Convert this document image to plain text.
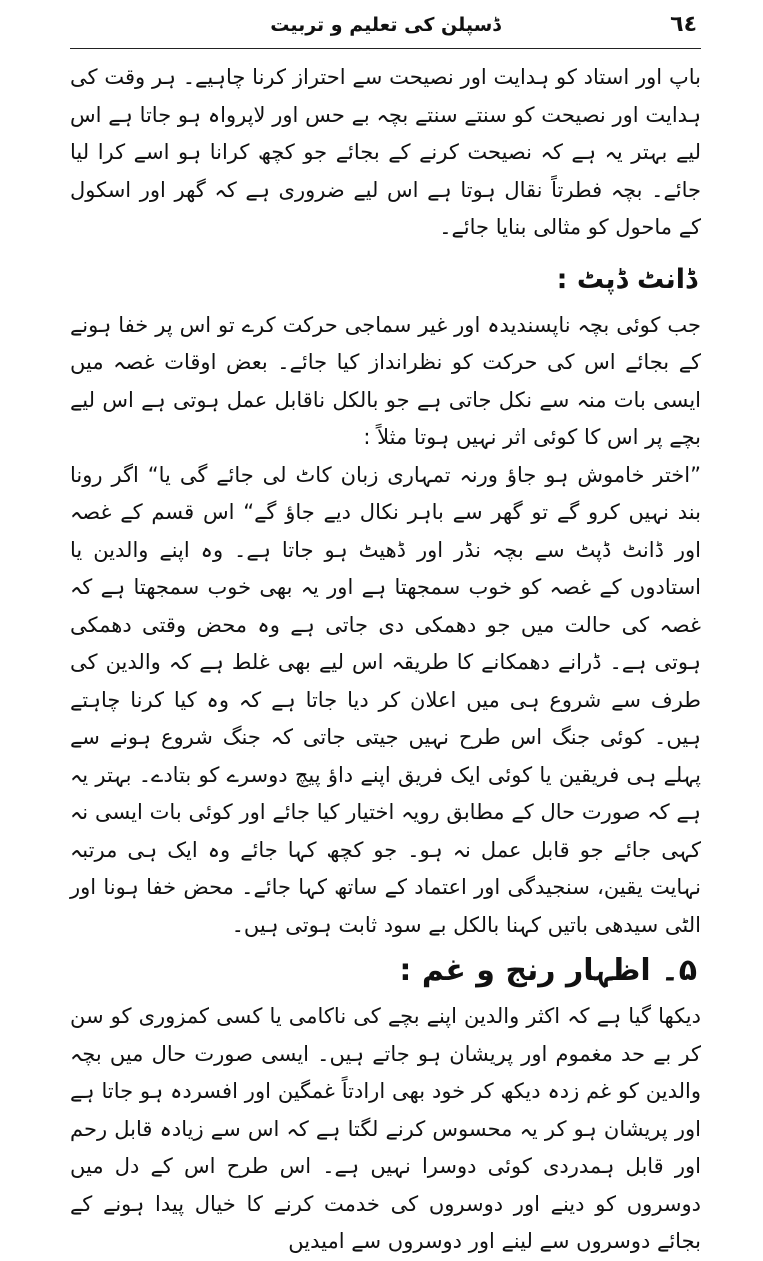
٦٤
ڈسپلن کی تعلیم و تربیت

باپ اور استاد کو ہدایت اور نصیحت سے احتراز کرنا چاہیے۔ ہر وقت کی ہدایت اور نصیحت کو سنتے سنتے بچہ بے حس اور لاپرواہ ہو جاتا ہے اس لیے بہتر یہ ہے کہ نصیحت کرنے کے بجائے جو کچھ کرانا ہو اسے کرا لیا جائے۔ بچہ فطرتاً نقال ہوتا ہے اس لیے ضروری ہے کہ گھر اور اسکول کے ماحول کو مثالی بنایا جائے۔

ڈانٹ ڈپٹ :

جب کوئی بچہ ناپسندیدہ اور غیر سماجی حرکت کرے تو اس پر خفا ہونے کے بجائے اس کی حرکت کو نظرانداز کیا جائے۔ بعض اوقات غصہ میں ایسی بات منہ سے نکل جاتی ہے جو بالکل ناقابل عمل ہوتی ہے اس لیے بچے پر اس کا کوئی اثر نہیں ہوتا مثلاً :

”اختر خاموش ہو جاؤ ورنہ تمہاری زبان کاٹ لی جائے گی یا“ اگر رونا بند نہیں کرو گے تو گھر سے باہر نکال دیے جاؤ گے“ اس قسم کے غصہ اور ڈانٹ ڈپٹ سے بچہ نڈر اور ڈھیٹ ہو جاتا ہے۔ وہ اپنے والدین یا استادوں کے غصہ کو خوب سمجھتا ہے اور یہ بھی خوب سمجھتا ہے کہ غصہ کی حالت میں جو دھمکی دی جاتی ہے وہ محض وقتی دھمکی ہوتی ہے۔ ڈرانے دھمکانے کا طریقہ اس لیے بھی غلط ہے کہ والدین کی طرف سے شروع ہی میں اعلان کر دیا جاتا ہے کہ وہ کیا کرنا چاہتے ہیں۔ کوئی جنگ اس طرح نہیں جیتی جاتی کہ جنگ شروع ہونے سے پہلے ہی فریقین یا کوئی ایک فریق اپنے داؤ پیچ دوسرے کو بتادے۔ بہتر یہ ہے کہ صورت حال کے مطابق رویہ اختیار کیا جائے اور کوئی بات ایسی نہ کہی جائے جو قابل عمل نہ ہو۔ جو کچھ کہا جائے وہ ایک ہی مرتبہ نہایت یقین، سنجیدگی اور اعتماد کے ساتھ کہا جائے۔ محض خفا ہونا اور الٹی سیدھی باتیں کہنا بالکل بے سود ثابت ہوتی ہیں۔

۵۔ اظہار رنج و غم :

دیکھا گیا ہے کہ اکثر والدین اپنے بچے کی ناکامی یا کسی کمزوری کو سن کر بے حد مغموم اور پریشان ہو جاتے ہیں۔ ایسی صورت حال میں بچہ والدین کو غم زدہ دیکھ کر خود بھی ارادتاً غمگین اور افسردہ ہو جاتا ہے اور پریشان ہو کر یہ محسوس کرنے لگتا ہے کہ اس سے زیادہ قابل رحم اور قابل ہمدردی کوئی دوسرا نہیں ہے۔ اس طرح اس کے دل میں دوسروں کو دینے اور دوسروں کی خدمت کرنے کا خیال پیدا ہونے کے بجائے دوسروں سے لینے اور دوسروں سے امیدیں
